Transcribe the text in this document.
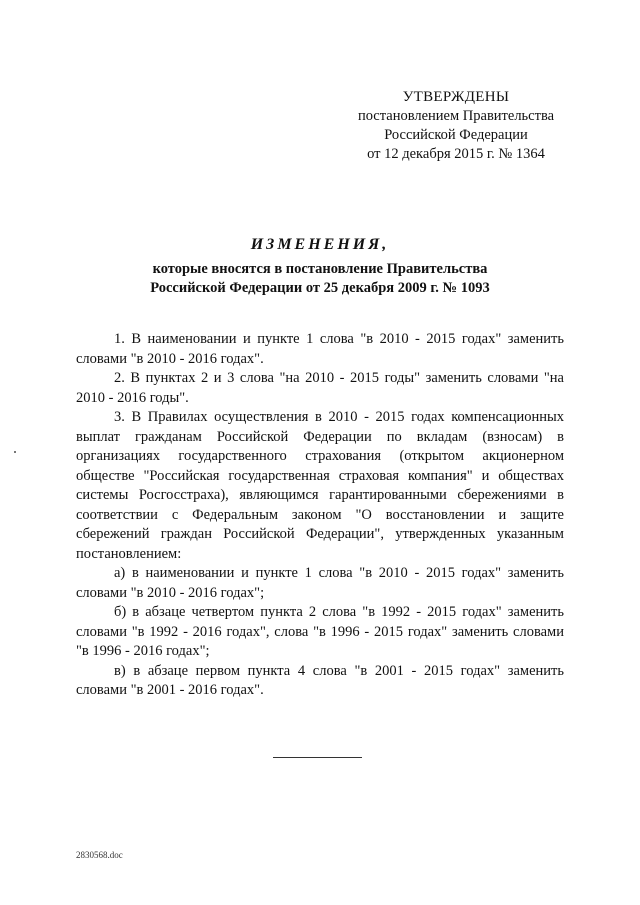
УТВЕРЖДЕНЫ
постановлением Правительства
Российской Федерации
от 12 декабря 2015 г. № 1364
ИЗМЕНЕНИЯ,
которые вносятся в постановление Правительства
Российской Федерации от 25 декабря 2009 г. № 1093

1. В наименовании и пункте 1 слова "в 2010 - 2015 годах" заменить словами "в 2010 - 2016 годах".

2. В пунктах 2 и 3 слова "на 2010 - 2015 годы" заменить словами "на 2010 - 2016 годы".

3. В Правилах осуществления в 2010 - 2015 годах компенсационных выплат гражданам Российской Федерации по вкладам (взносам) в организациях государственного страхования (открытом акционерном обществе "Российская государственная страховая компания" и обществах системы Росгосстраха), являющимся гарантированными сбережениями в соответствии с Федеральным законом "О восстановлении и защите сбережений граждан Российской Федерации", утвержденных указанным постановлением:

а) в наименовании и пункте 1 слова "в 2010 - 2015 годах" заменить словами "в 2010 - 2016 годах";

б) в абзаце четвертом пункта 2 слова "в 1992 - 2015 годах" заменить словами "в 1992 - 2016 годах", слова "в 1996 - 2015 годах" заменить словами "в 1996 - 2016 годах";

в) в абзаце первом пункта 4 слова "в 2001 - 2015 годах" заменить словами "в 2001 - 2016 годах".

2830568.doc
